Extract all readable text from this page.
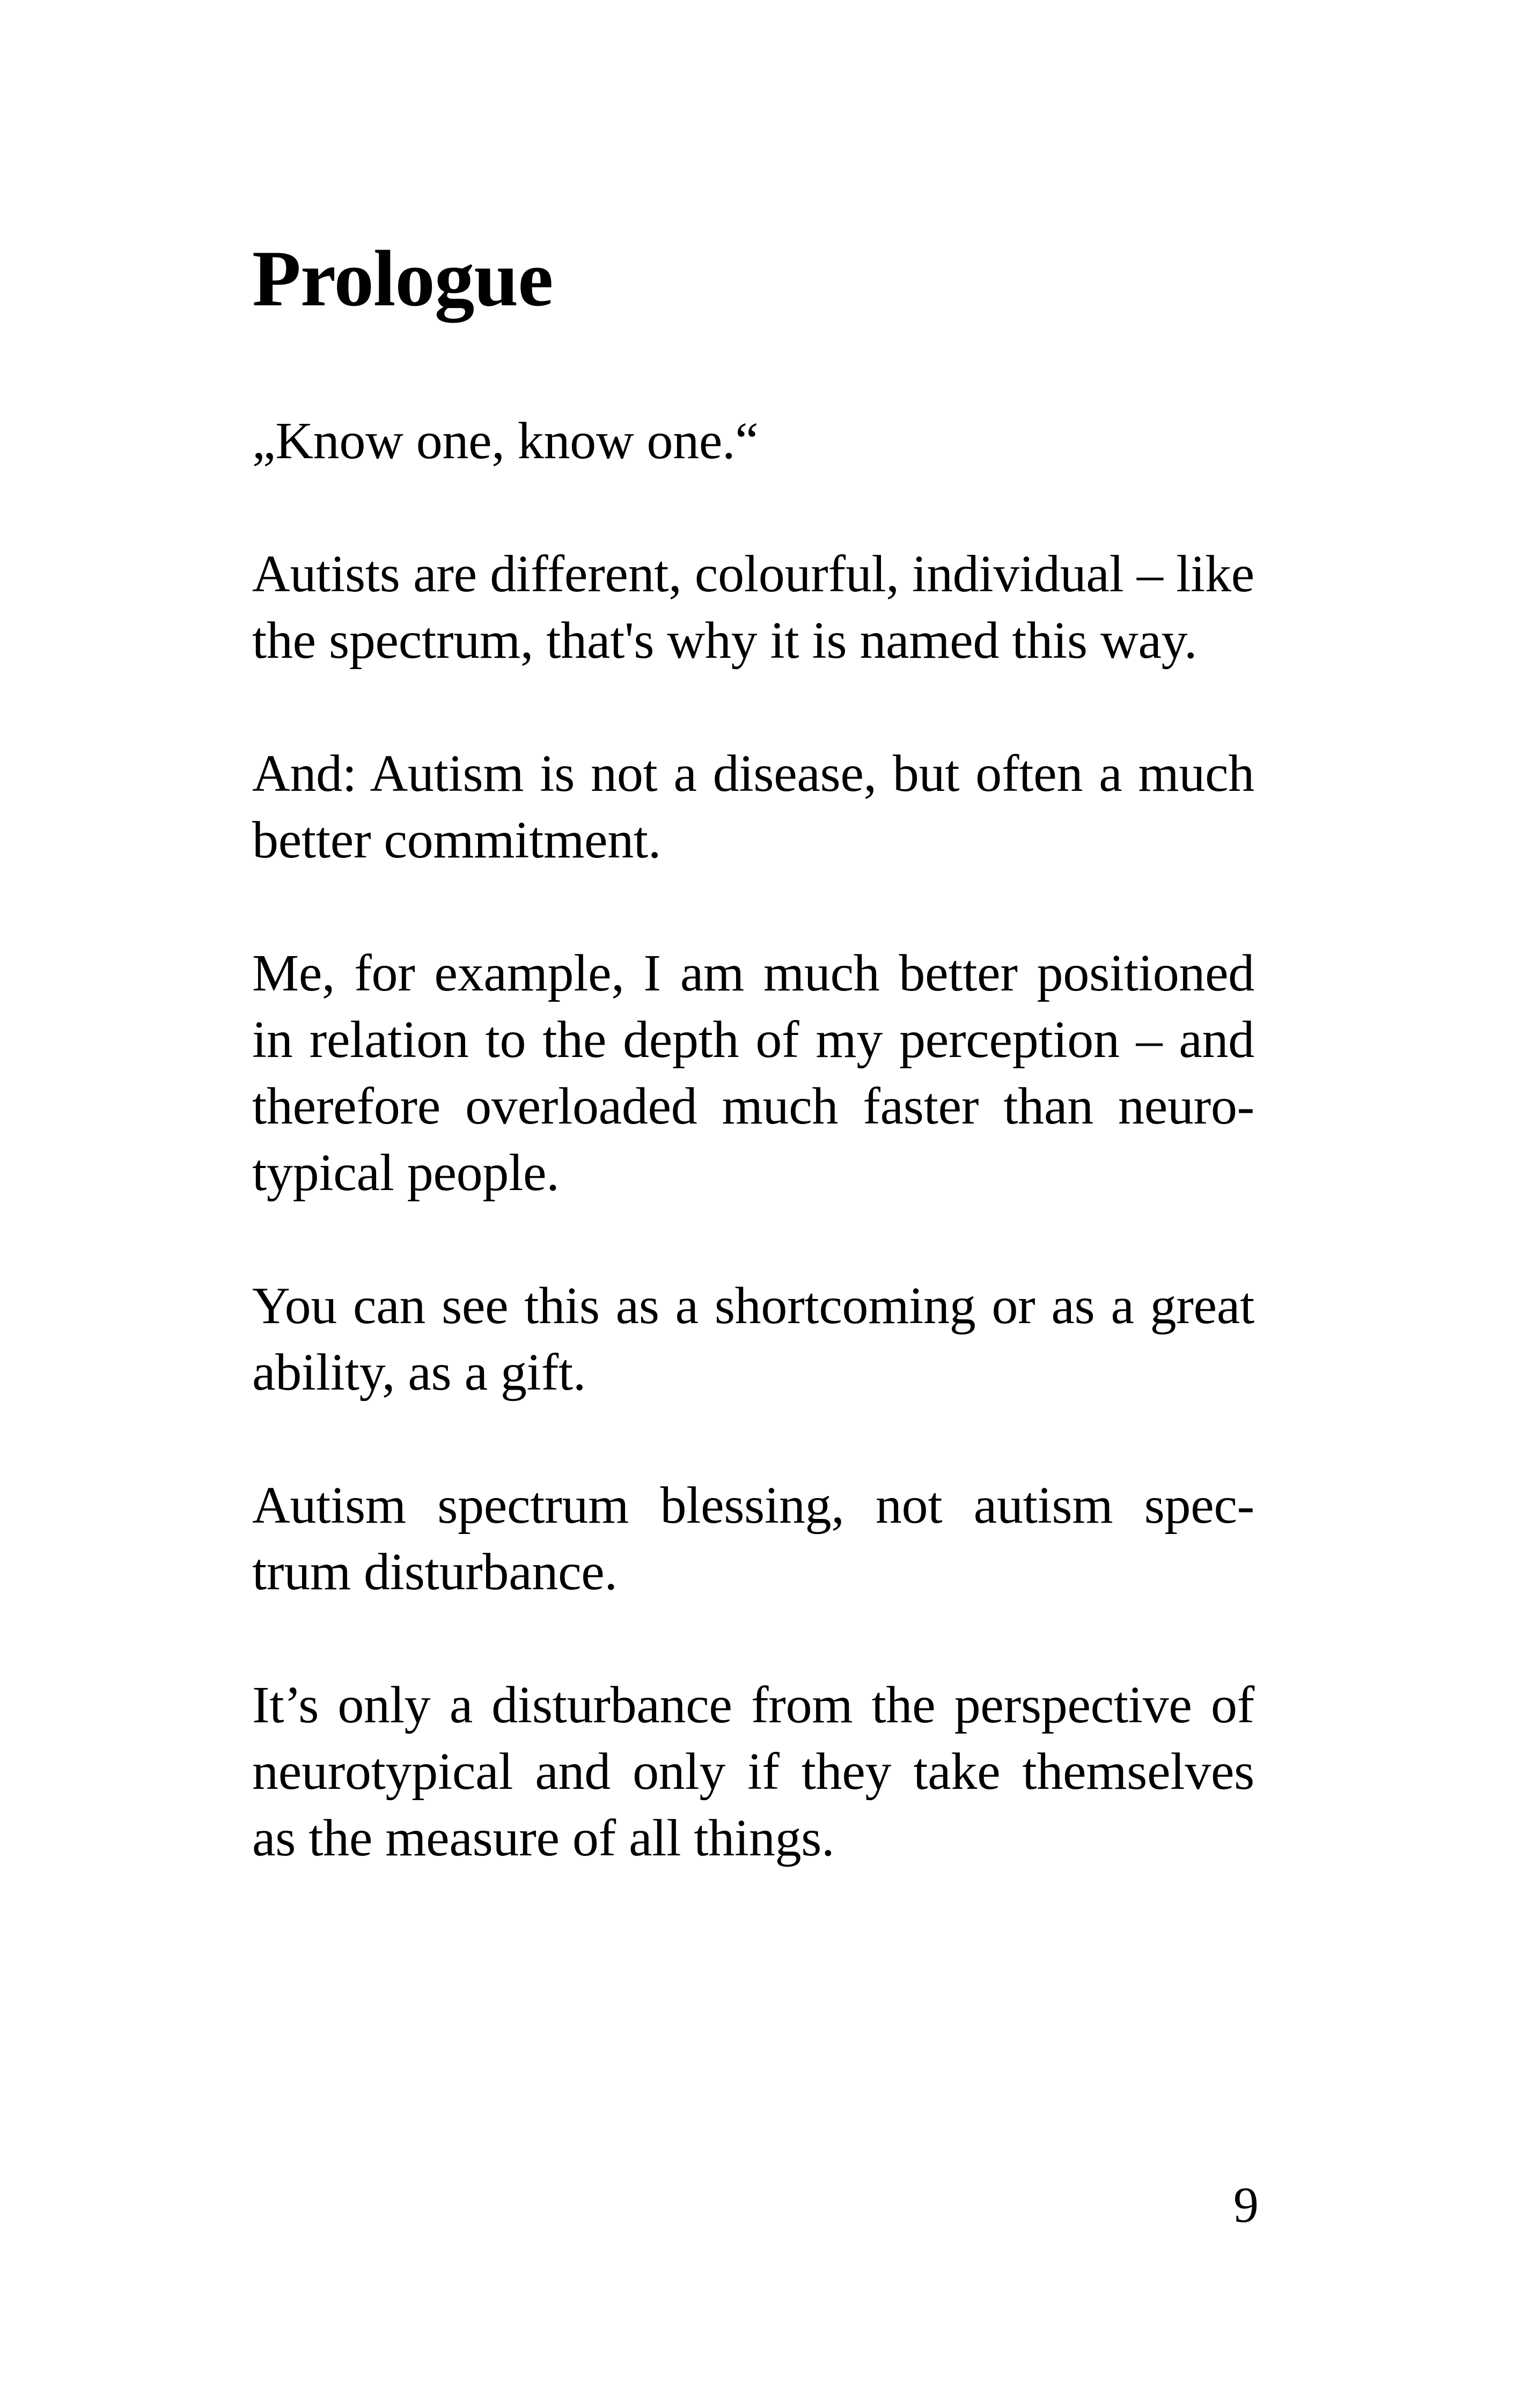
Prologue

„Know one, know one.“

Autists are different, colourful, individual – like the spectrum, that's why it is named this way.

And: Autism is not a disease, but often a much better commitment.

Me, for example, I am much better positioned in relation to the depth of my perception – and therefore overloaded much faster than neuro-typical people.

You can see this as a shortcoming or as a great ability, as a gift.

Autism spectrum blessing, not autism spec-trum disturbance.

It’s only a disturbance from the perspective of neurotypical and only if they take themselves as the measure of all things.

9
